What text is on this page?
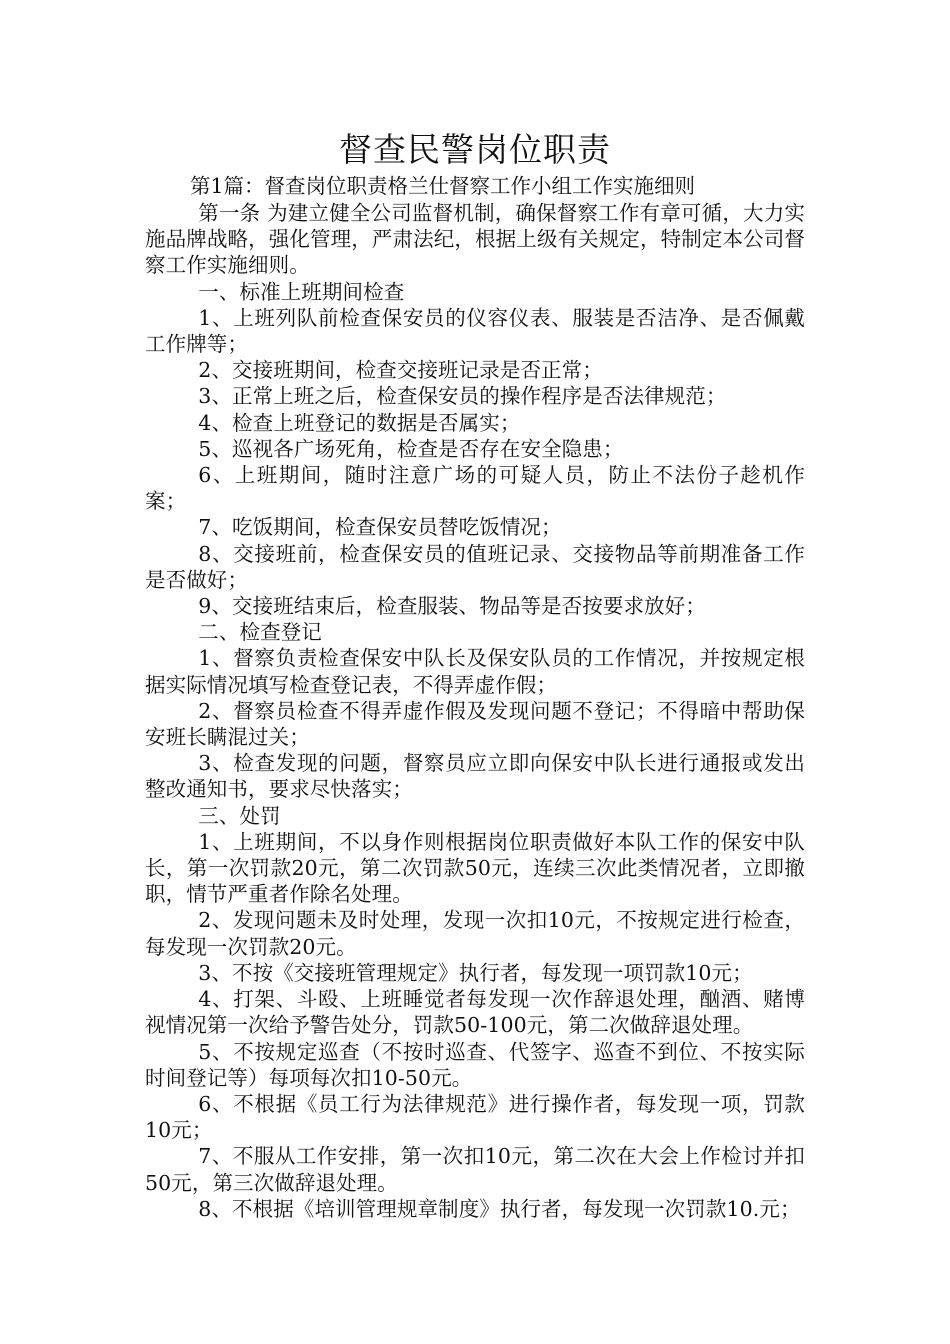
督查民警岗位职责
第1篇：督查岗位职责格兰仕督察工作小组工作实施细则

第一条 为建立健全公司监督机制，确保督察工作有章可循，大力实施品牌战略，强化管理，严肃法纪，根据上级有关规定，特制定本公司督察工作实施细则。

一、标准上班期间检查

1、上班列队前检查保安员的仪容仪表、服装是否洁净、是否佩戴工作牌等；

2、交接班期间，检查交接班记录是否正常；

3、正常上班之后，检查保安员的操作程序是否法律规范；

4、检查上班登记的数据是否属实；

5、巡视各广场死角，检查是否存在安全隐患；

6、上班期间，随时注意广场的可疑人员，防止不法份子趁机作案；

7、吃饭期间，检查保安员替吃饭情况；

8、交接班前，检查保安员的值班记录、交接物品等前期准备工作是否做好；

9、交接班结束后，检查服装、物品等是否按要求放好；

二、检查登记

1、督察负责检查保安中队长及保安队员的工作情况，并按规定根据实际情况填写检查登记表，不得弄虚作假；

2、督察员检查不得弄虚作假及发现问题不登记；不得暗中帮助保安班长瞒混过关；

3、检查发现的问题，督察员应立即向保安中队长进行通报或发出整改通知书，要求尽快落实；

三、处罚

1、上班期间，不以身作则根据岗位职责做好本队工作的保安中队长，第一次罚款20元，第二次罚款50元，连续三次此类情况者，立即撤职，情节严重者作除名处理。

2、发现问题未及时处理，发现一次扣10元，不按规定进行检查，每发现一次罚款20元。

3、不按《交接班管理规定》执行者，每发现一项罚款10元；

4、打架、斗殴、上班睡觉者每发现一次作辞退处理，酗酒、赌博视情况第一次给予警告处分，罚款50-100元，第二次做辞退处理。

5、不按规定巡查（不按时巡查、代签字、巡查不到位、不按实际时间登记等）每项每次扣10-50元。

6、不根据《员工行为法律规范》进行操作者，每发现一项，罚款10元；

7、不服从工作安排，第一次扣10元，第二次在大会上作检讨并扣50元，第三次做辞退处理。

8、不根据《培训管理规章制度》执行者，每发现一次罚款10.元；
